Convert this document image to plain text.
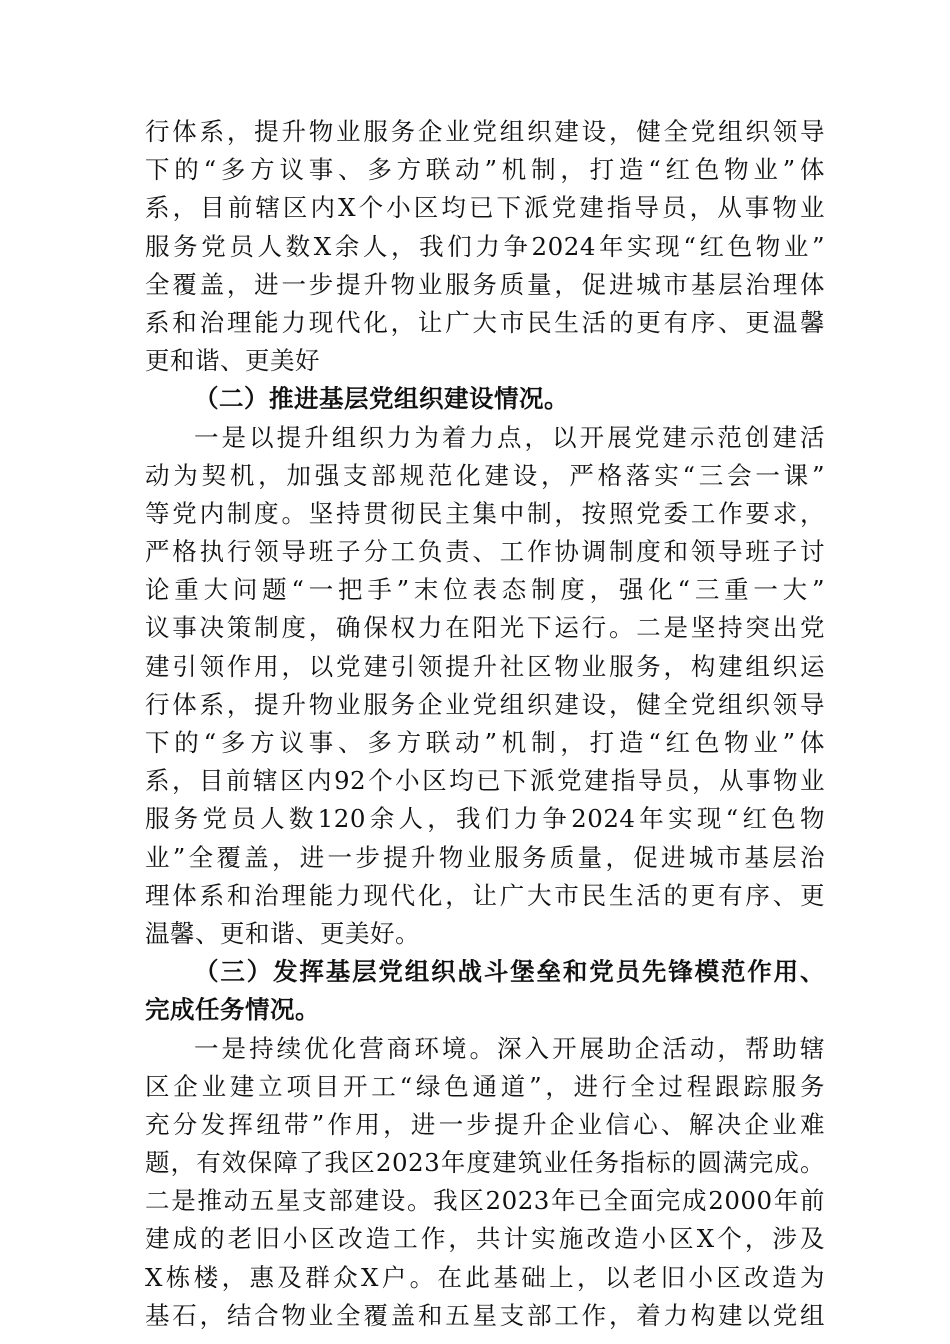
行体系，提升物业服务企业党组织建设，健全党组织领导
下的“多方议事、多方联动”机制，打造“红色物业”体
系，目前辖区内X个小区均已下派党建指导员，从事物业
服务党员人数X余人，我们力争2024年实现“红色物业”
全覆盖，进一步提升物业服务质量，促进城市基层治理体
系和治理能力现代化，让广大市民生活的更有序、更温馨
更和谐、更美好
（二）推进基层党组织建设情况。
一是以提升组织力为着力点，以开展党建示范创建活
动为契机，加强支部规范化建设，严格落实“三会一课”
等党内制度。坚持贯彻民主集中制，按照党委工作要求，
严格执行领导班子分工负责、工作协调制度和领导班子讨
论重大问题“一把手”末位表态制度，强化“三重一大”
议事决策制度，确保权力在阳光下运行。二是坚持突出党
建引领作用，以党建引领提升社区物业服务，构建组织运
行体系，提升物业服务企业党组织建设，健全党组织领导
下的“多方议事、多方联动”机制，打造“红色物业”体
系，目前辖区内92个小区均已下派党建指导员，从事物业
服务党员人数120余人，我们力争2024年实现“红色物
业”全覆盖，进一步提升物业服务质量，促进城市基层治
理体系和治理能力现代化，让广大市民生活的更有序、更
温馨、更和谐、更美好。
（三）发挥基层党组织战斗堡垒和党员先锋模范作用、
完成任务情况。
一是持续优化营商环境。深入开展助企活动，帮助辖
区企业建立项目开工“绿色通道”，进行全过程跟踪服务
充分发挥纽带”作用，进一步提升企业信心、解决企业难
题，有效保障了我区2023年度建筑业任务指标的圆满完成。
二是推动五星支部建设。我区2023年已全面完成2000年前
建成的老旧小区改造工作，共计实施改造小区X个，涉及
X栋楼，惠及群众X户。在此基础上，以老旧小区改造为
基石，结合物业全覆盖和五星支部工作，着力构建以党组
